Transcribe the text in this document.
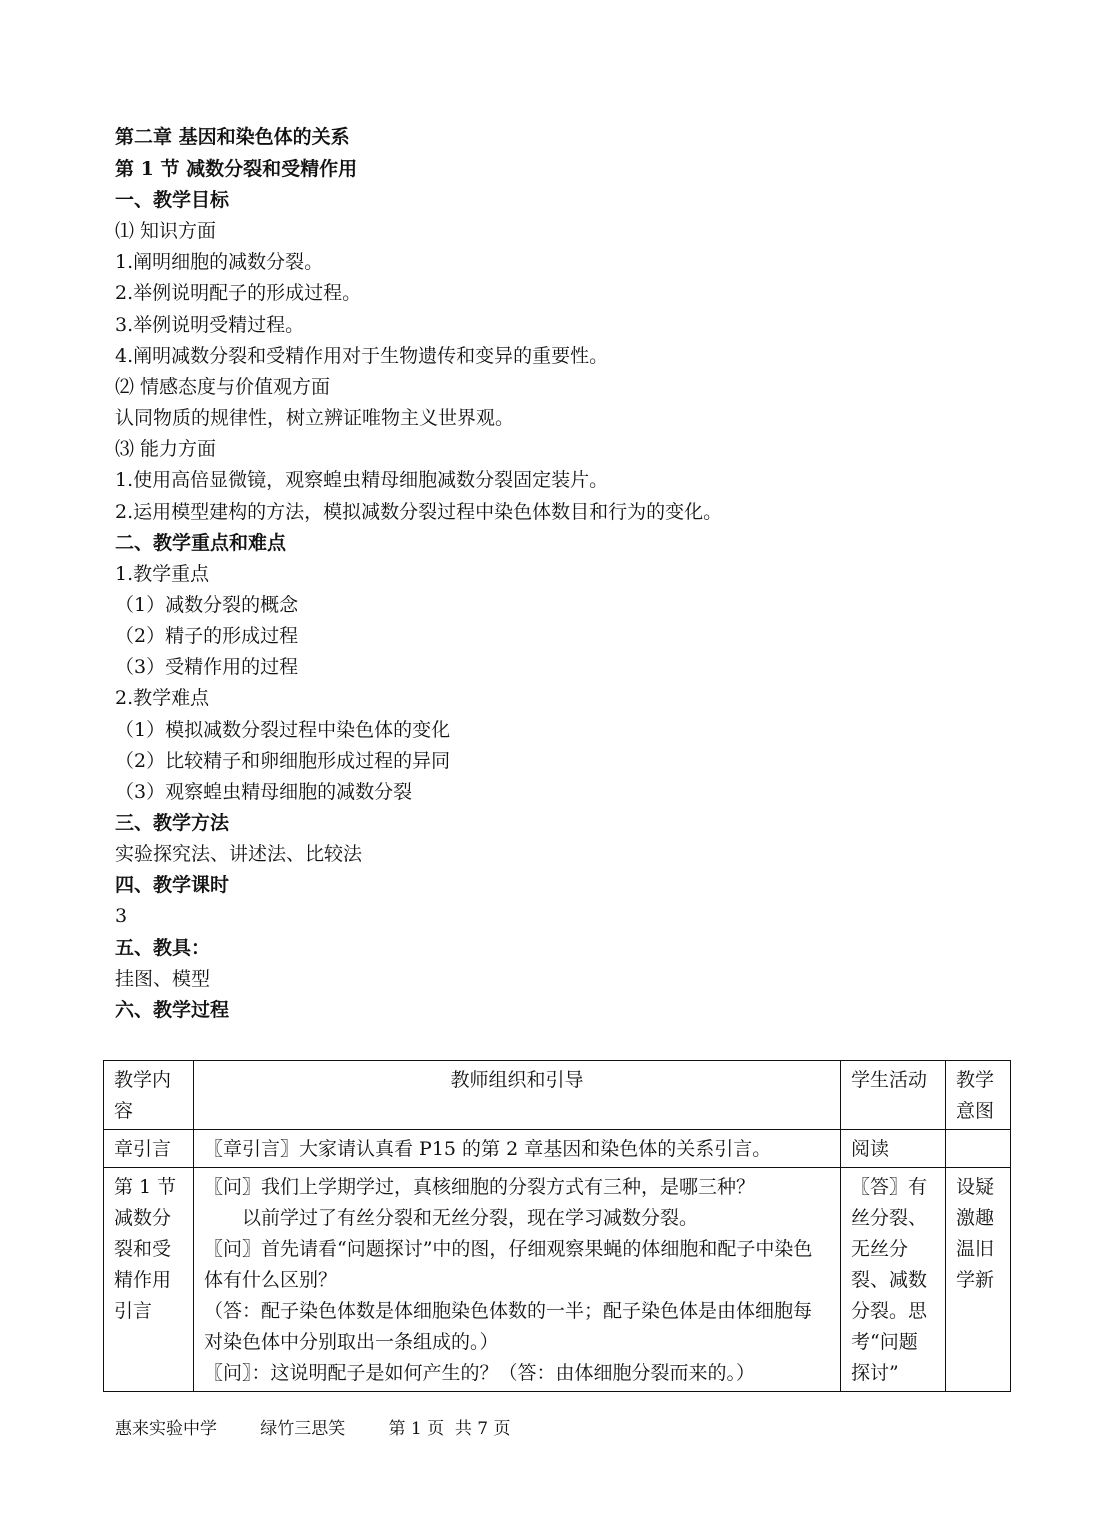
第二章 基因和染色体的关系
第 1 节 减数分裂和受精作用
一、教学目标
⑴ 知识方面
1.阐明细胞的减数分裂。
2.举例说明配子的形成过程。
3.举例说明受精过程。
4.阐明减数分裂和受精作用对于生物遗传和变异的重要性。
⑵ 情感态度与价值观方面
认同物质的规律性，树立辨证唯物主义世界观。
⑶ 能力方面
1.使用高倍显微镜，观察蝗虫精母细胞减数分裂固定装片。
2.运用模型建构的方法，模拟减数分裂过程中染色体数目和行为的变化。
二、教学重点和难点
1.教学重点
（1）减数分裂的概念
（2）精子的形成过程
（3）受精作用的过程
2.教学难点
（1）模拟减数分裂过程中染色体的变化
（2）比较精子和卵细胞形成过程的异同
（3）观察蝗虫精母细胞的减数分裂
三、教学方法
实验探究法、讲述法、比较法
四、教学课时
3
五、教具：
挂图、模型
六、教学过程
教学内容	教师组织和引导	学生活动	教学意图
章引言	〖章引言〗大家请认真看 P15 的第 2 章基因和染色体的关系引言。	阅读	
第 1 节减数分裂和受精作用引言	〖问〗我们上学期学过，真核细胞的分裂方式有三种，是哪三种？
　　以前学过了有丝分裂和无丝分裂，现在学习减数分裂。
〖问〗首先请看“问题探讨”中的图，仔细观察果蝇的体细胞和配子中染色体有什么区别？
（答：配子染色体数是体细胞染色体数的一半；配子染色体是由体细胞每对染色体中分别取出一条组成的。）
〖问〗：这说明配子是如何产生的？（答：由体细胞分裂而来的。）	〖答〗有丝分裂、无丝分裂、减数分裂。思考“问题探讨”	设疑激趣温旧学新
惠来实验中学	绿竹三思笑	第 1 页  共 7 页
